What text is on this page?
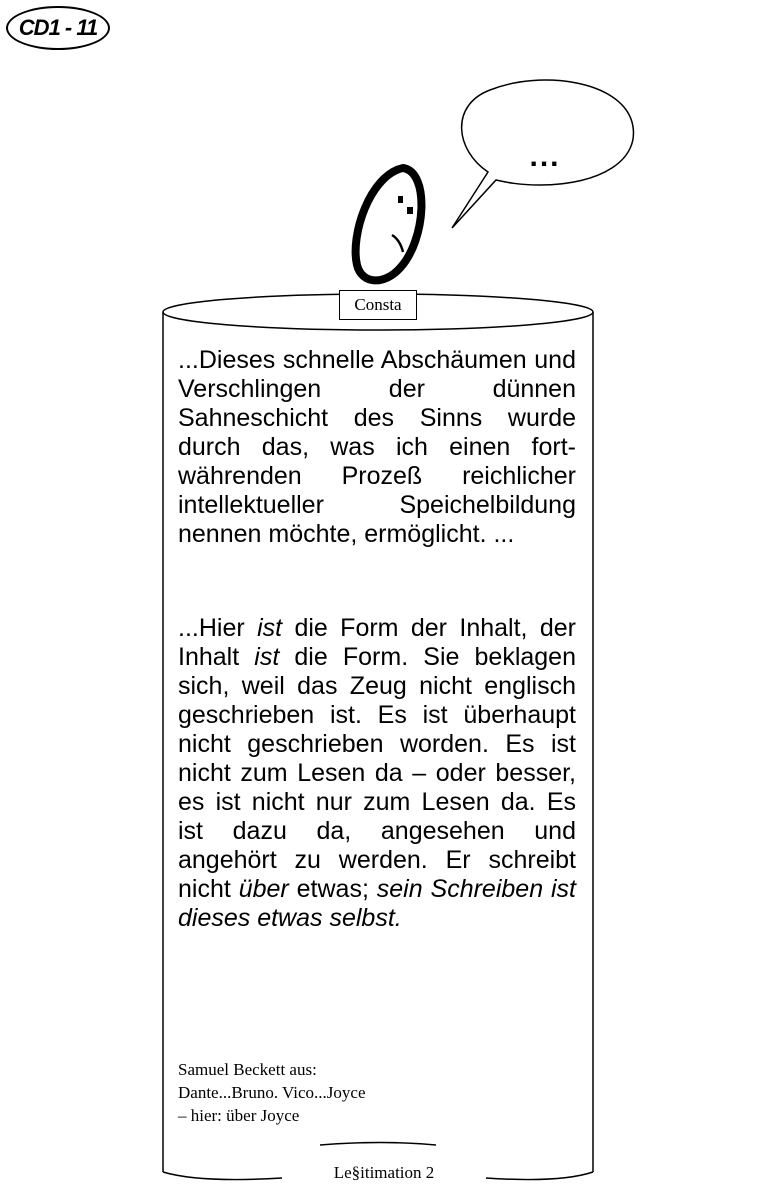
CD1 - 11
...
Consta

...Dieses schnelle Abschäumen und Verschlingen der dünnen Sahneschicht des Sinns wurde durch das, was ich einen fort-währenden Prozeß reichlicher intellektueller Speichelbildung nennen möchte, ermöglicht. ...

...Hier ist die Form der Inhalt, der Inhalt ist die Form. Sie beklagen sich, weil das Zeug nicht englisch geschrieben ist. Es ist überhaupt nicht geschrieben worden. Es ist nicht zum Lesen da – oder besser, es ist nicht nur zum Lesen da. Es ist dazu da, angesehen und angehört zu werden. Er schreibt nicht über etwas; sein Schreiben ist dieses etwas selbst.

Samuel Beckett aus:
Dante...Bruno. Vico...Joyce
– hier: über Joyce
Le§itimation 2
